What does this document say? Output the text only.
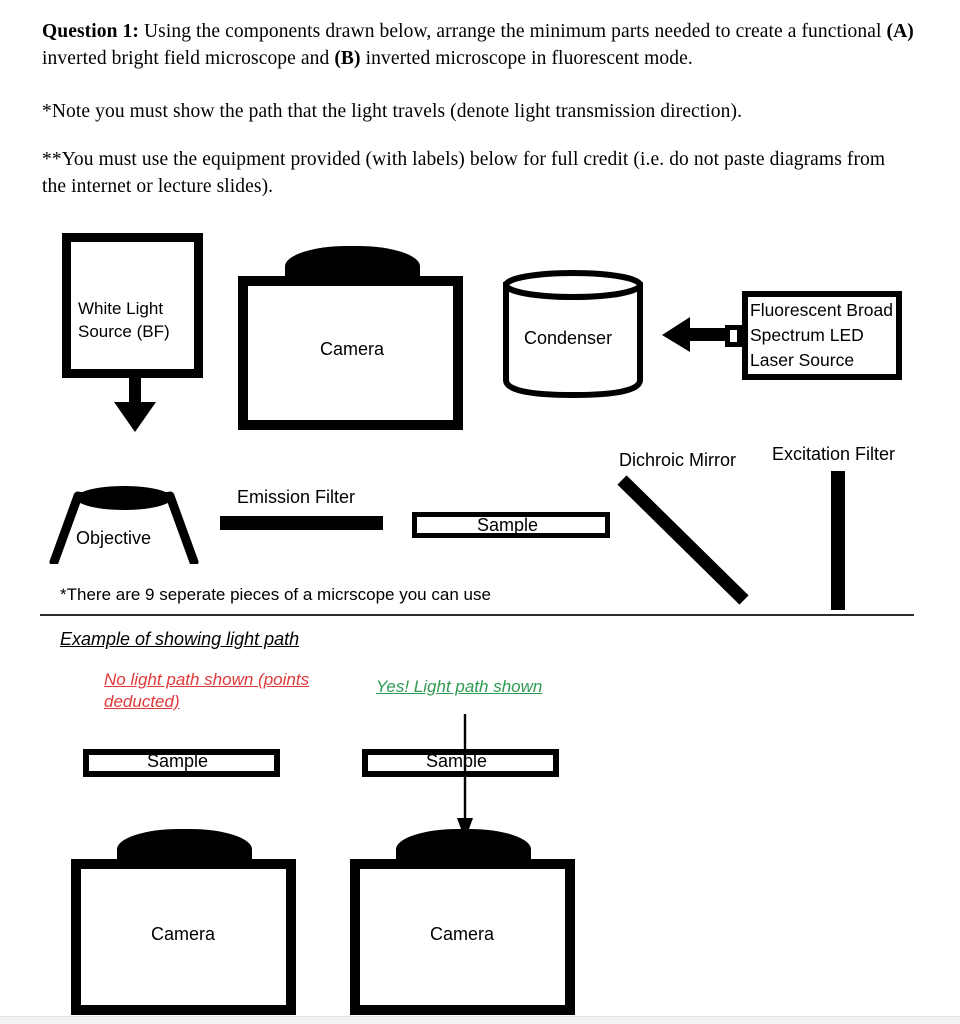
Question 1: Using the components drawn below, arrange the minimum parts needed to create a functional (A) inverted bright field microscope and (B) inverted microscope in fluorescent mode.
*Note you must show the path that the light travels (denote light transmission direction).
**You must use the equipment provided (with labels) below for full credit (i.e. do not paste diagrams from the internet or lecture slides).
White Light Source (BF)
Camera
Condenser
Fluorescent Broad Spectrum LED Laser Source
Objective
Emission Filter
Sample
Dichroic Mirror Excitation Filter
*There are 9 seperate pieces of a micrscope you can use
Example of showing light path
No light path shown (points deducted)
Yes! Light path shown
Sample
Camera
Sample
Camera
